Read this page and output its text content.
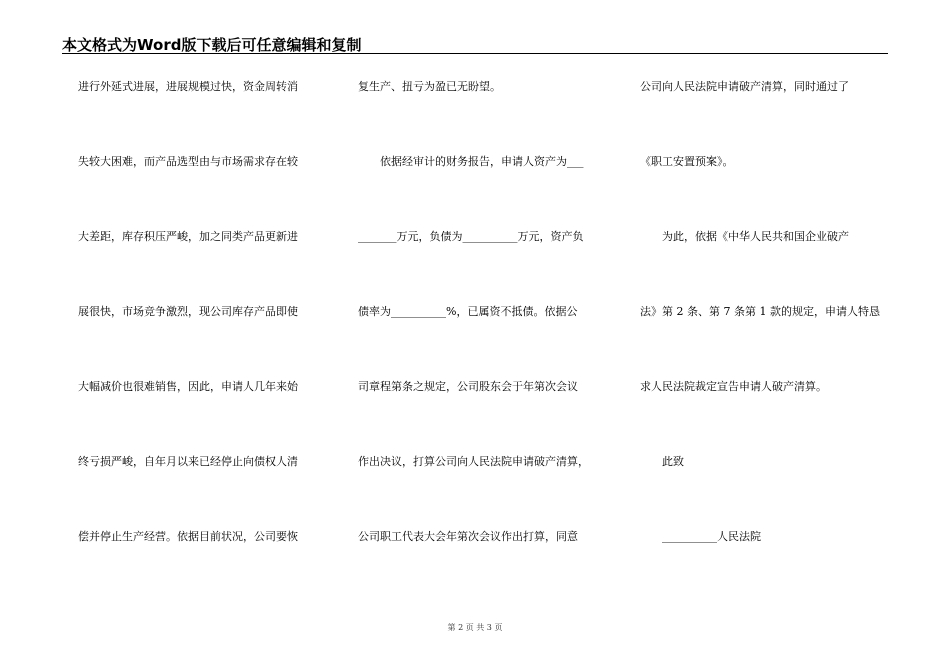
本文格式为Word版下载后可任意编辑和复制
进行外延式进展，进展规模过快，资金周转消
失较大困难，而产品选型由与市场需求存在较
大差距，库存积压严峻，加之同类产品更新进
展很快，市场竞争激烈，现公司库存产品即使
大幅减价也很难销售，因此，申请人几年来始
终亏损严峻，自年月以来已经停止向债权人清
偿并停止生产经营。依据目前状况，公司要恢
复生产、扭亏为盈已无盼望。
　　依据经审计的财务报告，申请人资产为___
_______万元，负债为__________万元，资产负
债率为__________%，已属资不抵债。依据公
司章程第条之规定，公司股东会于年第次会议
作出决议，打算公司向人民法院申请破产清算，
公司职工代表大会年第次会议作出打算，同意
公司向人民法院申请破产清算，同时通过了
《职工安置预案》。
　　为此，依据《中华人民共和国企业破产
法》第 2 条、第 7 条第 1 款的规定，申请人特恳
求人民法院裁定宣告申请人破产清算。
　　此致
　　__________人民法院
第 2 页 共 3 页
